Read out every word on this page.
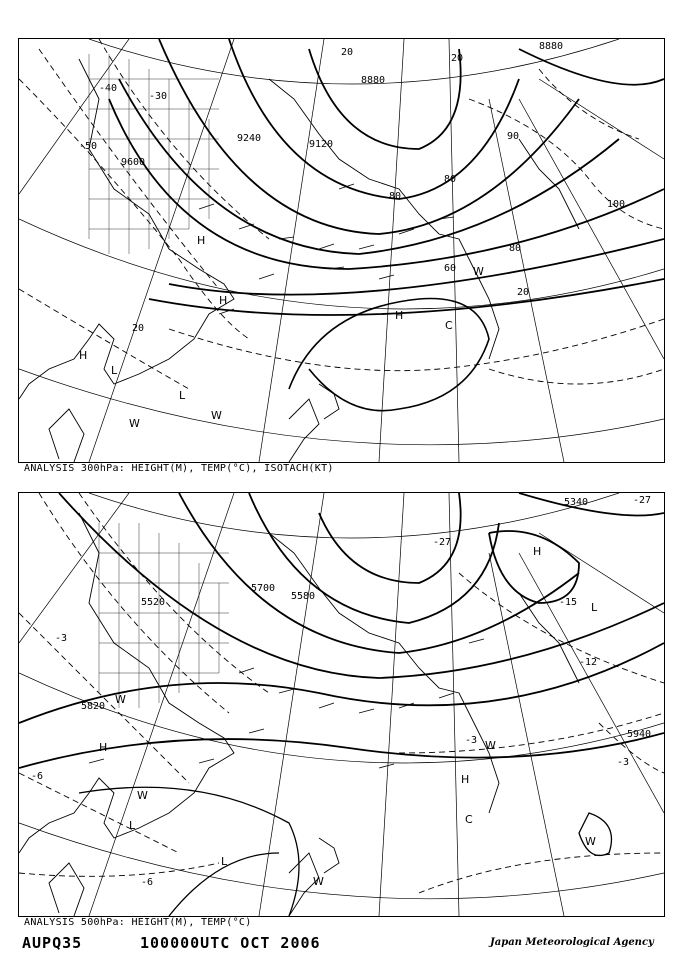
8880
8880
9240
9120
9600
-40
-30
-50
20
20
20
20
60
80
80
100
80
90
H
H
H
H
L
L
C
W
W
W
ANALYSIS 300hPa: HEIGHT(M), TEMP(°C), ISOTACH(KT)
5340
5520
5700
5580
5820
5940
-27
-27
-15
-12
-3
-3
-6
-6
-3
H
H
H
L
L
L	C
W
W
W
W
W
ANALYSIS 500hPa: HEIGHT(M), TEMP(°C)
AUPQ35	100000UTC OCT 2006	Japan Meteorological Agency
